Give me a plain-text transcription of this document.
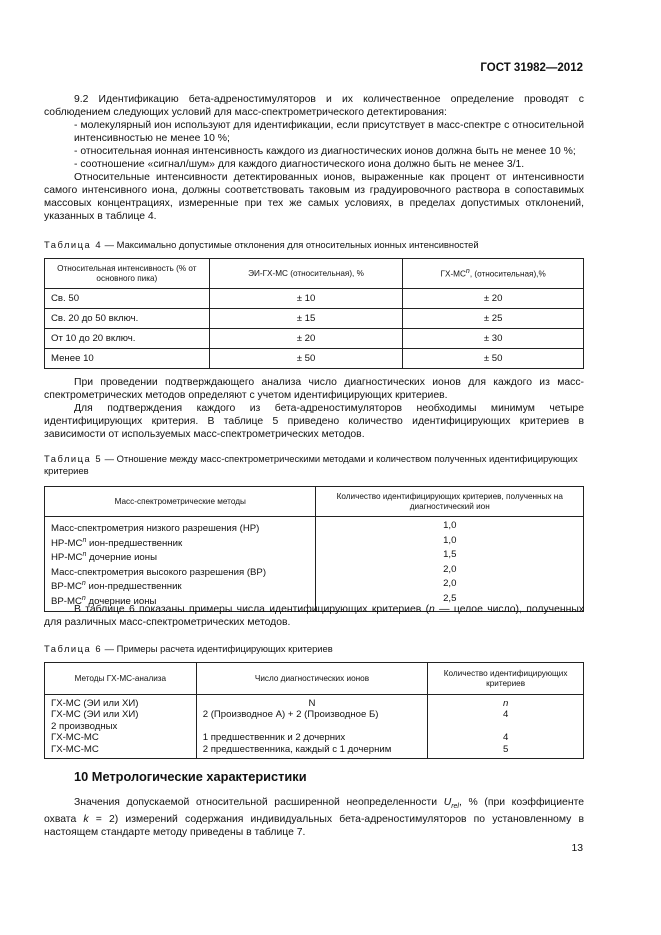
ГОСТ 31982—2012

9.2 Идентификацию бета-адреностимуляторов и их количественное определение проводят с соблюдением следующих условий для масс-спектрометрического детектирования:

- молекулярный ион используют для идентификации, если присутствует в масс-спектре с относительной интенсивностью не менее 10 %;

- относительная ионная интенсивность каждого из диагностических ионов должна быть не менее 10 %;

- соотношение «сигнал/шум» для каждого диагностического иона должно быть не менее 3/1.

Относительные интенсивности детектированных ионов, выраженные как процент от интенсивности самого интенсивного иона, должны соответствовать таковым из градуировочного раствора в сопоставимых массовых концентрациях, измеренные при тех же самых условиях, в пределах допустимых отклонений, указанных в таблице 4.

Таблица 4 — Максимально допустимые отклонения для относительных ионных интенсивностей
Относительная интенсивность (% от основного пика)	ЭИ-ГХ-МС (относительная), %	$ГХ-МС^n$, (относительная),%
Св. 50	± 10	± 20
Св. 20 до 50 включ.	± 15	± 25
От 10 до 20 включ.	± 20	± 30
Менее 10	± 50	± 50

При проведении подтверждающего анализа число диагностических ионов для каждого из масс-спектрометрических методов определяют с учетом идентифицирующих критериев.

Для подтверждения каждого из бета-адреностимуляторов необходимы минимум четыре идентифицирующих критерия. В таблице 5 приведено количество идентифицирующих критериев в зависимости от используемых масс-спектрометрических методов.

Таблица 5 — Отношение между масс-спектрометрическими методами и количеством полученных идентифицирующих критериев
Масс-спектрометрические методы	Количество идентифицирующих критериев, полученных на диагностический ион
Масс-спектрометрия низкого разрешения (НР)	1,0
$НР-МС^n$ ион-предшественник	1,0
$НР-МС^n$ дочерние ионы	1,5
Масс-спектрометрия высокого разрешения (ВР)	2,0
$ВР-МС^n$ ион-предшественник	2,0
$ВР-МС^n$ дочерние ионы	2,5

В таблице 6 показаны примеры числа идентифицирующих критериев (n — целое число), полученных для различных масс-спектрометрических методов.

Таблица 6 — Примеры расчета идентифицирующих критериев
Методы ГХ-МС-анализа	Число диагностических ионов	Количество идентифицирующих критериев
ГХ-МС (ЭИ или ХИ)	N	n
ГХ-МС (ЭИ или ХИ)	2 (Производное А) + 2 (Производное Б)	4
2 производных		
ГХ-МС-МС	1 предшественник и 2 дочерних	4
ГХ-МС-МС	2 предшественника, каждый с 1 дочерним	5
10 Метрологические характеристики

Значения допускаемой относительной расширенной неопределенности $U_{rel}$, % (при коэффициенте охвата k = 2) измерений содержания индивидуальных бета-адреностимуляторов по установленному в настоящем стандарте методу приведены в таблице 7.

13
